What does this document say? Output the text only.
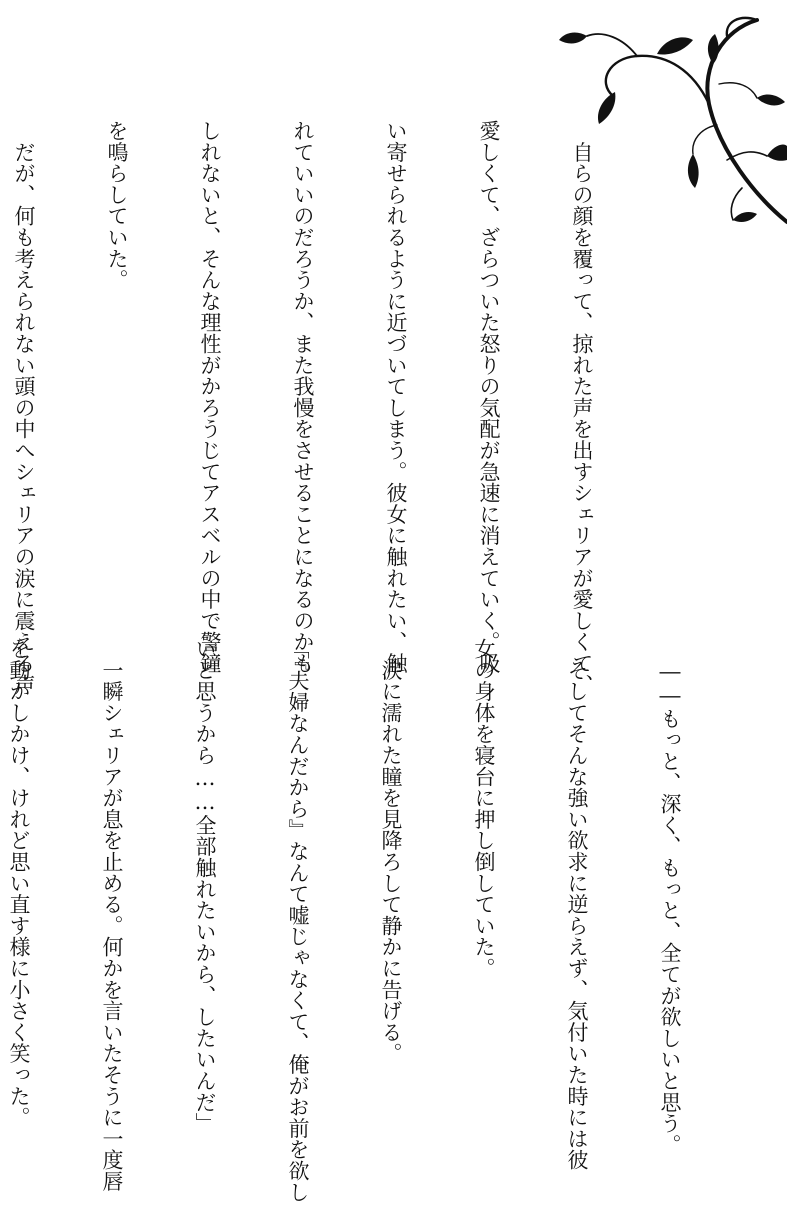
　自らの顔を覆って、掠れた声を出すシェリアが愛しくて、

愛しくて、ざらついた怒りの気配が急速に消えていく。吸

い寄せられるように近づいてしまう。彼女に触れたい、触

れていいのだろうか、また我慢をさせることになるのかも

しれないと、そんな理性がかろうじてアスベルの中で警鐘

を鳴らしていた。

　だが、何も考えられない頭の中へシェリアの涙に震える声

　――もっと、深く、もっと、全てが欲しいと思う。

　そしてそんな強い欲求に逆らえず、気付いた時には彼

女の身体を寝台に押し倒していた。

　涙に濡れた瞳を見降ろして静かに告げる。

「『夫婦なんだから』なんて嘘じゃなくて、俺がお前を欲し

いと思うから……全部触れたいから、したいんだ」

　一瞬シェリアが息を止める。何かを言いたそうに一度唇

を動かしかけ、けれど思い直す様に小さく笑った。
